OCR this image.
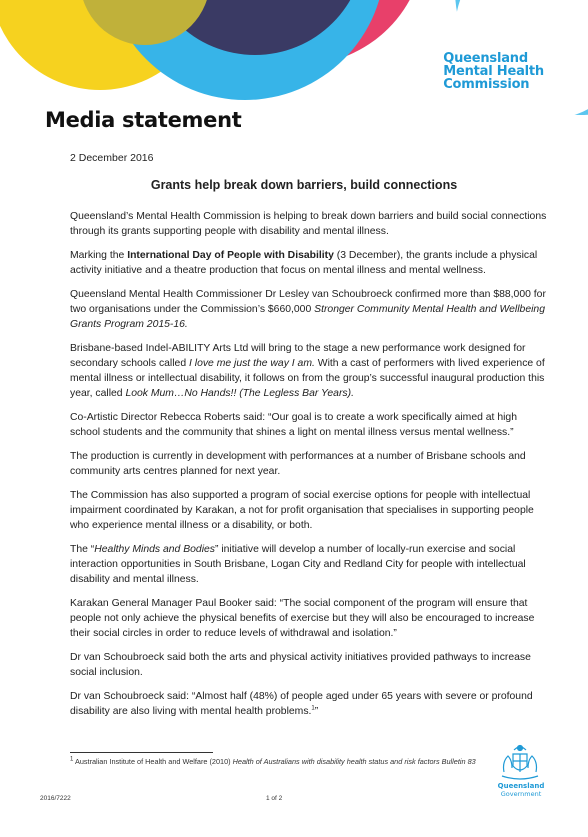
Queensland
Mental Health
Commission
Media statement
2 December 2016
Grants help break down barriers, build connections

Queensland’s Mental Health Commission is helping to break down barriers and build social connections through its grants supporting people with disability and mental illness.

Marking the International Day of People with Disability (3 December), the grants include a physical activity initiative and a theatre production that focus on mental illness and mental wellness.

Queensland Mental Health Commissioner Dr Lesley van Schoubroeck confirmed more than $88,000 for two organisations under the Commission’s $660,000 Stronger Community Mental Health and Wellbeing Grants Program 2015-16.

Brisbane-based Indel-ABILITY Arts Ltd will bring to the stage a new performance work designed for secondary schools called I love me just the way I am. With a cast of performers with lived experience of mental illness or intellectual disability, it follows on from the group’s successful inaugural production this year, called Look Mum…No Hands!! (The Legless Bar Years).

Co-Artistic Director Rebecca Roberts said: “Our goal is to create a work specifically aimed at high school students and the community that shines a light on mental illness versus mental wellness.”

The production is currently in development with performances at a number of Brisbane schools and community arts centres planned for next year.

The Commission has also supported a program of social exercise options for people with intellectual impairment coordinated by Karakan, a not for profit organisation that specialises in supporting people who experience mental illness or a disability, or both.

The “Healthy Minds and Bodies” initiative will develop a number of locally-run exercise and social interaction opportunities in South Brisbane, Logan City and Redland City for people with intellectual disability and mental illness.

Karakan General Manager Paul Booker said: “The social component of the program will ensure that people not only achieve the physical benefits of exercise but they will also be encouraged to increase their social circles in order to reduce levels of withdrawal and isolation.”

Dr van Schoubroeck said both the arts and physical activity initiatives provided pathways to increase social inclusion.

Dr van Schoubroeck said: “Almost half (48%) of people aged under 65 years with severe or profound disability are also living with mental health problems.$^1$”

$^1$ Australian Institute of Health and Welfare (2010) Health of Australians with disability health status and risk factors Bulletin 83
2016/7222	1 of 2
Queensland
Government
